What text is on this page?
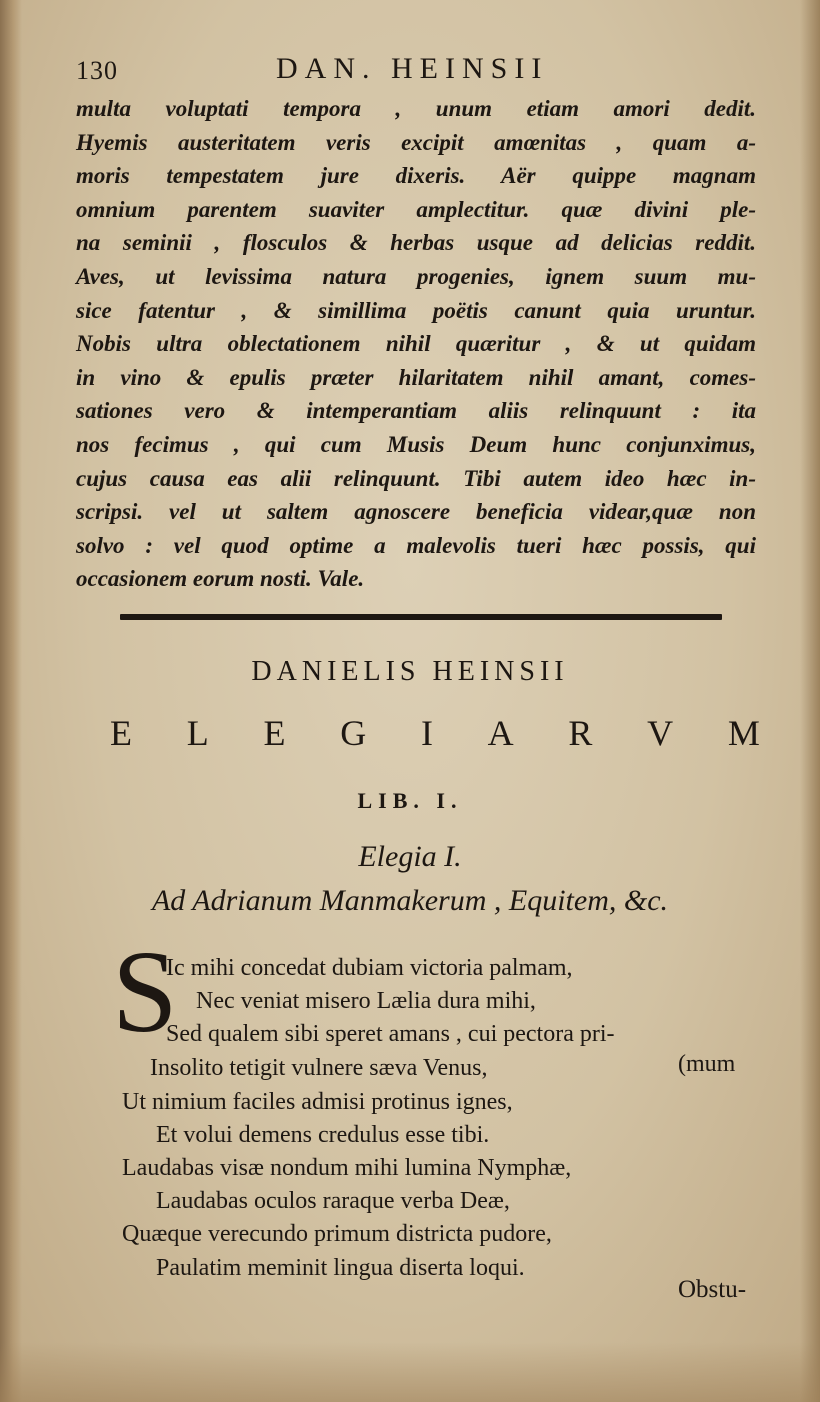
130	DAN. HEINSII
multa voluptati tempora , unum etiam amori dedit.
Hyemis austeritatem veris excipit amœnitas , quam a-
moris tempestatem jure dixeris. Aër quippe magnam
omnium parentem suaviter amplectitur. quæ divini ple-
na seminii , flosculos & herbas usque ad delicias reddit.
Aves, ut levissima natura progenies, ignem suum mu-
sice fatentur , & simillima poëtis canunt quia uruntur.
Nobis ultra oblectationem nihil quæritur , & ut quidam
in vino & epulis præter hilaritatem nihil amant, comes-
sationes vero & intemperantiam aliis relinquunt : ita
nos fecimus , qui cum Musis Deum hunc conjunximus,
cujus causa eas alii relinquunt. Tibi autem ideo hæc in-
scripsi. vel ut saltem agnoscere beneficia videar,quæ non
solvo : vel quod optime a malevolis tueri hæc possis, qui
occasionem eorum nosti. Vale.
DANIELIS HEINSII
E L E G I A R V M
LIB. I.
Elegia I.
Ad Adrianum Manmakerum , Equitem, &c.
S
Ic mihi concedat dubiam victoria palmam,
Nec veniat misero Lælia dura mihi,
Sed qualem sibi speret amans , cui pectora pri-
Insolito tetigit vulnere sæva Venus,	(mum
Ut nimium faciles admisi protinus ignes,
Et volui demens credulus esse tibi.
Laudabas visæ nondum mihi lumina Nymphæ,
Laudabas oculos raraque verba Deæ,
Quæque verecundo primum districta pudore,
Paulatim meminit lingua diserta loqui.
Obstu-
